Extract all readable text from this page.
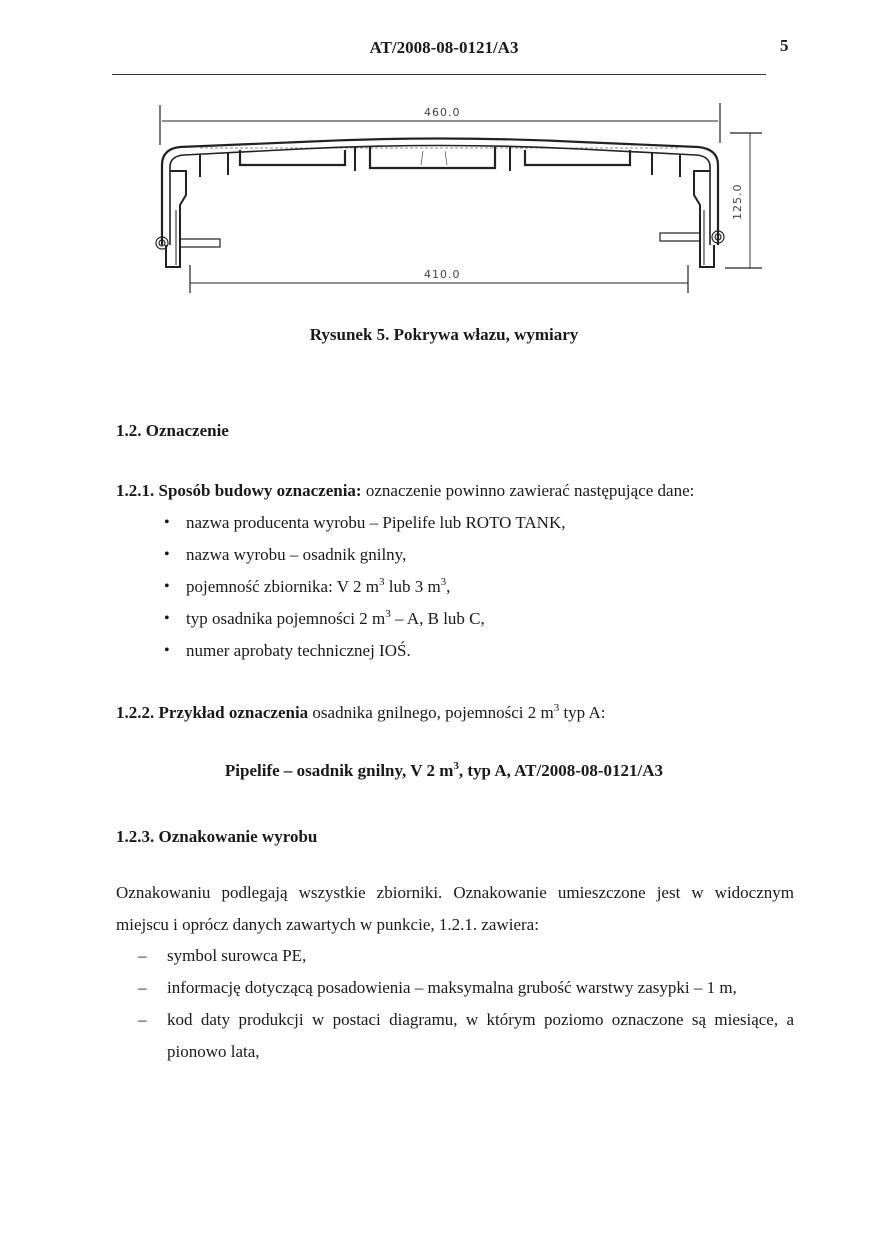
AT/2008-08-0121/A3	5
460.0
410.0
125.0
Rysunek 5. Pokrywa włazu, wymiary
1.2. Oznaczenie
1.2.1. Sposób budowy oznaczenia: oznaczenie powinno zawierać następujące dane:
• nazwa producenta wyrobu – Pipelife lub ROTO TANK,
• nazwa wyrobu – osadnik gnilny,
• pojemność zbiornika: V 2 $m^3$ lub 3 $m^3$,
• typ osadnika pojemności 2 $m^3$ – A, B lub C,
• numer aprobaty technicznej IOŚ.
1.2.2. Przykład oznaczenia osadnika gnilnego, pojemności 2 $m^3$ typ A:
Pipelife – osadnik gnilny, V 2 $m^3$, typ A, AT/2008-08-0121/A3
1.2.3. Oznakowanie wyrobu
Oznakowaniu podlegają wszystkie zbiorniki. Oznakowanie umieszczone jest w widocznym
miejscu i oprócz danych zawartych w punkcie, 1.2.1. zawiera:
– symbol surowca PE,
– informację dotyczącą posadowienia – maksymalna grubość warstwy zasypki – 1 m,
– kod daty produkcji w postaci diagramu, w którym poziomo oznaczone są miesiące, a pionowo lata,
